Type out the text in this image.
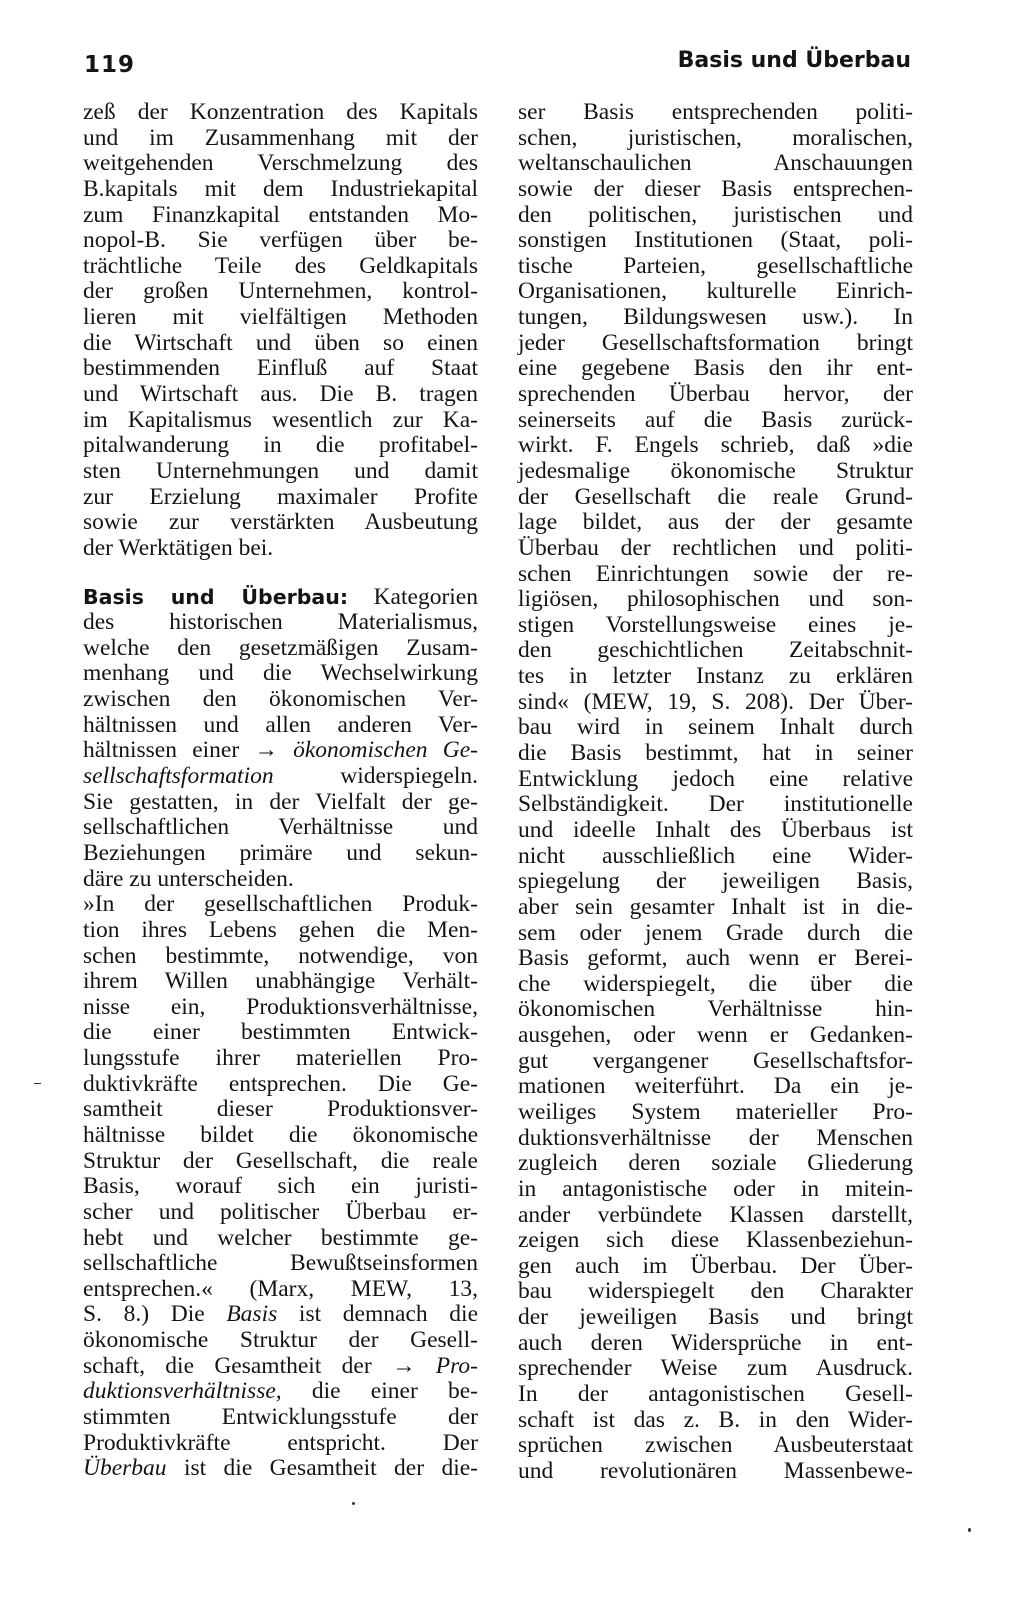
119	Basis und Überbau
zeß der Konzentration des Kapitals
und im Zusammenhang mit der
weitgehenden Verschmelzung des
B.kapitals mit dem Industriekapital
zum Finanzkapital entstanden Mo-
nopol-B. Sie verfügen über be-
trächtliche Teile des Geldkapitals
der großen Unternehmen, kontrol-
lieren mit vielfältigen Methoden
die Wirtschaft und üben so einen
bestimmenden Einfluß auf Staat
und Wirtschaft aus. Die B. tragen
im Kapitalismus wesentlich zur Ka-
pitalwanderung in die profitabel-
sten Unternehmungen und damit
zur Erzielung maximaler Profite
sowie zur verstärkten Ausbeutung
der Werktätigen bei.
Basis und Überbau: Kategorien
des historischen Materialismus,
welche den gesetzmäßigen Zusam-
menhang und die Wechselwirkung
zwischen den ökonomischen Ver-
hältnissen und allen anderen Ver-
hältnissen einer → ökonomischen Ge-
sellschaftsformation widerspiegeln.
Sie gestatten, in der Vielfalt der ge-
sellschaftlichen Verhältnisse und
Beziehungen primäre und sekun-
däre zu unterscheiden.
»In der gesellschaftlichen Produk-
tion ihres Lebens gehen die Men-
schen bestimmte, notwendige, von
ihrem Willen unabhängige Verhält-
nisse ein, Produktionsverhältnisse,
die einer bestimmten Entwick-
lungsstufe ihrer materiellen Pro-
duktivkräfte entsprechen. Die Ge-
samtheit dieser Produktionsver-
hältnisse bildet die ökonomische
Struktur der Gesellschaft, die reale
Basis, worauf sich ein juristi-
scher und politischer Überbau er-
hebt und welcher bestimmte ge-
sellschaftliche Bewußtseinsformen
entsprechen.« (Marx, MEW, 13,
S. 8.) Die Basis ist demnach die
ökonomische Struktur der Gesell-
schaft, die Gesamtheit der → Pro-
duktionsverhältnisse, die einer be-
stimmten Entwicklungsstufe der
Produktivkräfte entspricht. Der
Überbau ist die Gesamtheit der die-
ser Basis entsprechenden politi-
schen, juristischen, moralischen,
weltanschaulichen Anschauungen
sowie der dieser Basis entsprechen-
den politischen, juristischen und
sonstigen Institutionen (Staat, poli-
tische Parteien, gesellschaftliche
Organisationen, kulturelle Einrich-
tungen, Bildungswesen usw.). In
jeder Gesellschaftsformation bringt
eine gegebene Basis den ihr ent-
sprechenden Überbau hervor, der
seinerseits auf die Basis zurück-
wirkt. F. Engels schrieb, daß »die
jedesmalige ökonomische Struktur
der Gesellschaft die reale Grund-
lage bildet, aus der der gesamte
Überbau der rechtlichen und politi-
schen Einrichtungen sowie der re-
ligiösen, philosophischen und son-
stigen Vorstellungsweise eines je-
den geschichtlichen Zeitabschnit-
tes in letzter Instanz zu erklären
sind« (MEW, 19, S. 208). Der Über-
bau wird in seinem Inhalt durch
die Basis bestimmt, hat in seiner
Entwicklung jedoch eine relative
Selbständigkeit. Der institutionelle
und ideelle Inhalt des Überbaus ist
nicht ausschließlich eine Wider-
spiegelung der jeweiligen Basis,
aber sein gesamter Inhalt ist in die-
sem oder jenem Grade durch die
Basis geformt, auch wenn er Berei-
che widerspiegelt, die über die
ökonomischen Verhältnisse hin-
ausgehen, oder wenn er Gedanken-
gut vergangener Gesellschaftsfor-
mationen weiterführt. Da ein je-
weiliges System materieller Pro-
duktionsverhältnisse der Menschen
zugleich deren soziale Gliederung
in antagonistische oder in mitein-
ander verbündete Klassen darstellt,
zeigen sich diese Klassenbeziehun-
gen auch im Überbau. Der Über-
bau widerspiegelt den Charakter
der jeweiligen Basis und bringt
auch deren Widersprüche in ent-
sprechender Weise zum Ausdruck.
In der antagonistischen Gesell-
schaft ist das z. B. in den Wider-
sprüchen zwischen Ausbeuterstaat
und revolutionären Massenbewe-
